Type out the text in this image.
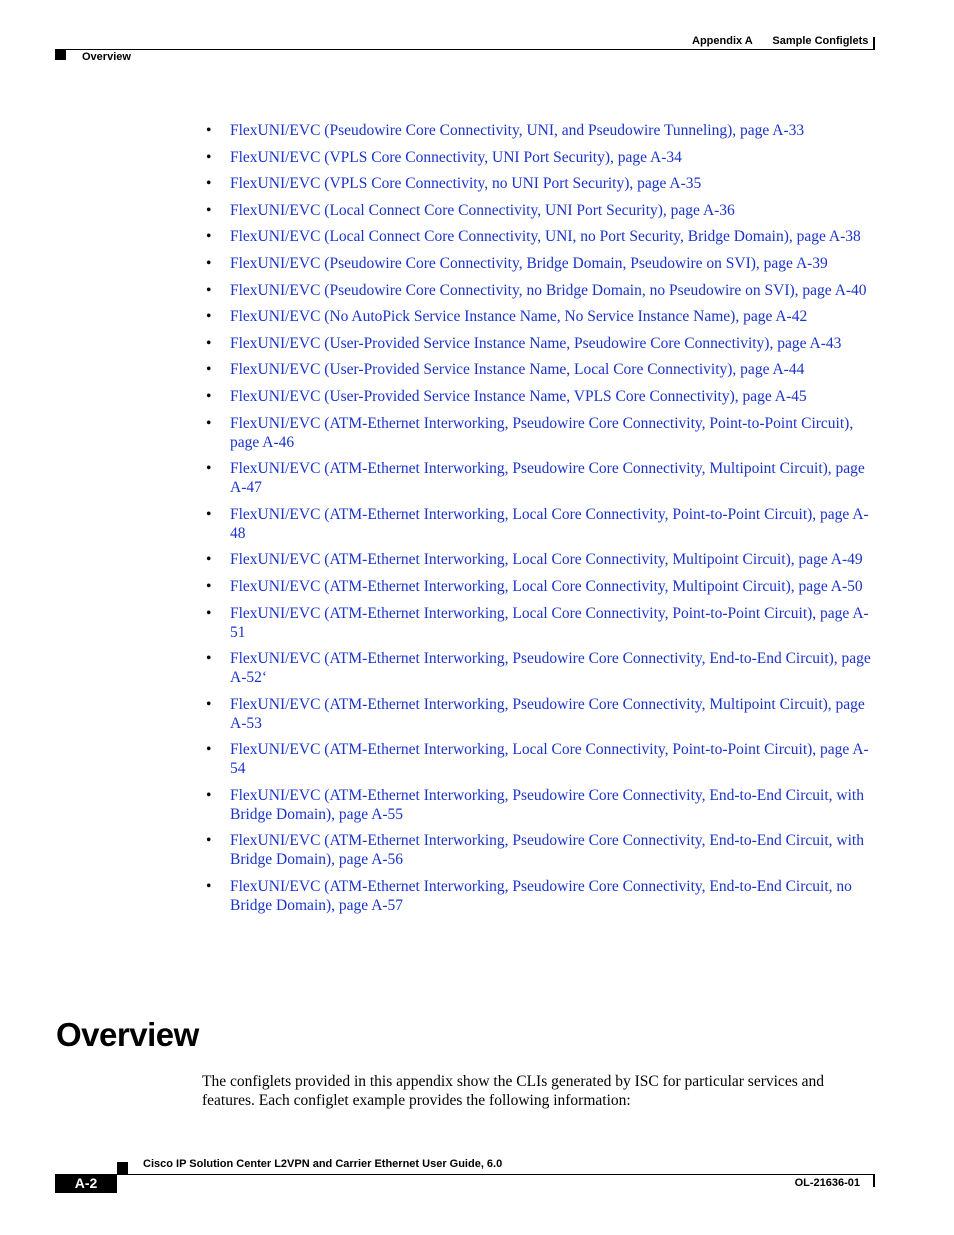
Appendix A Sample Configlets
Overview
• FlexUNI/EVC (Pseudowire Core Connectivity, UNI, and Pseudowire Tunneling), page A-33
• FlexUNI/EVC (VPLS Core Connectivity, UNI Port Security), page A-34
• FlexUNI/EVC (VPLS Core Connectivity, no UNI Port Security), page A-35
• FlexUNI/EVC (Local Connect Core Connectivity, UNI Port Security), page A-36
• FlexUNI/EVC (Local Connect Core Connectivity, UNI, no Port Security, Bridge Domain), page A-38
• FlexUNI/EVC (Pseudowire Core Connectivity, Bridge Domain, Pseudowire on SVI), page A-39
• FlexUNI/EVC (Pseudowire Core Connectivity, no Bridge Domain, no Pseudowire on SVI), page A-40
• FlexUNI/EVC (No AutoPick Service Instance Name, No Service Instance Name), page A-42
• FlexUNI/EVC (User-Provided Service Instance Name, Pseudowire Core Connectivity), page A-43
• FlexUNI/EVC (User-Provided Service Instance Name, Local Core Connectivity), page A-44
• FlexUNI/EVC (User-Provided Service Instance Name, VPLS Core Connectivity), page A-45
• FlexUNI/EVC (ATM-Ethernet Interworking, Pseudowire Core Connectivity, Point-to-Point Circuit), page A-46
• FlexUNI/EVC (ATM-Ethernet Interworking, Pseudowire Core Connectivity, Multipoint Circuit), page A-47
• FlexUNI/EVC (ATM-Ethernet Interworking, Local Core Connectivity, Point-to-Point Circuit), page A-48
• FlexUNI/EVC (ATM-Ethernet Interworking, Local Core Connectivity, Multipoint Circuit), page A-49
• FlexUNI/EVC (ATM-Ethernet Interworking, Local Core Connectivity, Multipoint Circuit), page A-50
• FlexUNI/EVC (ATM-Ethernet Interworking, Local Core Connectivity, Point-to-Point Circuit), page A-51
• FlexUNI/EVC (ATM-Ethernet Interworking, Pseudowire Core Connectivity, End-to-End Circuit), page A-52‘
• FlexUNI/EVC (ATM-Ethernet Interworking, Pseudowire Core Connectivity, Multipoint Circuit), page A-53
• FlexUNI/EVC (ATM-Ethernet Interworking, Local Core Connectivity, Point-to-Point Circuit), page A-54
• FlexUNI/EVC (ATM-Ethernet Interworking, Pseudowire Core Connectivity, End-to-End Circuit, with Bridge Domain), page A-55
• FlexUNI/EVC (ATM-Ethernet Interworking, Pseudowire Core Connectivity, End-to-End Circuit, with Bridge Domain), page A-56
• FlexUNI/EVC (ATM-Ethernet Interworking, Pseudowire Core Connectivity, End-to-End Circuit, no Bridge Domain), page A-57
Overview

The configlets provided in this appendix show the CLIs generated by ISC for particular services and features. Each configlet example provides the following information:

A-2
Cisco IP Solution Center L2VPN and Carrier Ethernet User Guide, 6.0
OL-21636-01
